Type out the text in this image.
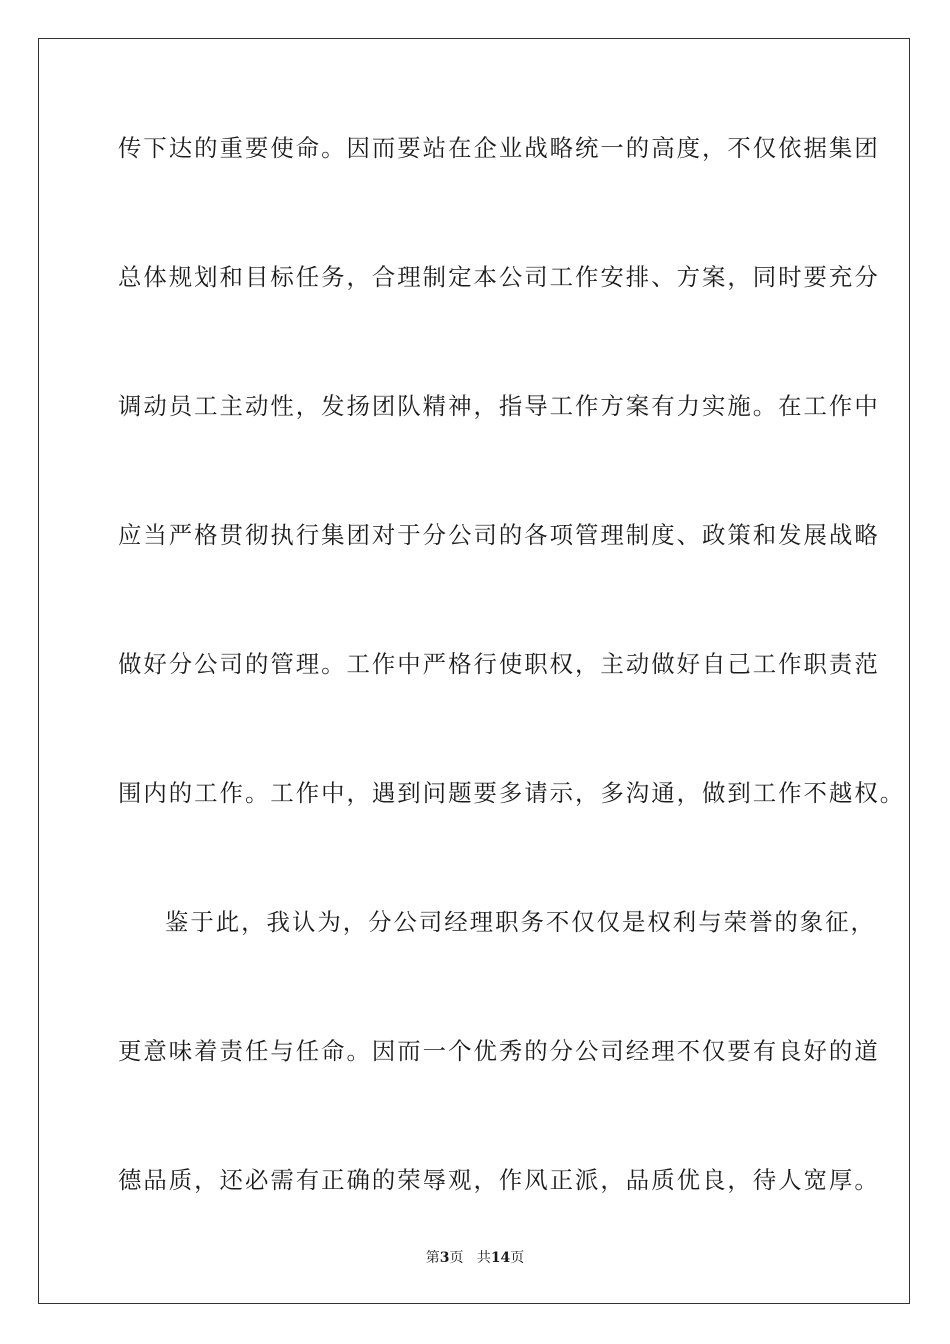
传下达的重要使命。因而要站在企业战略统一的高度，不仅依据集团
总体规划和目标任务，合理制定本公司工作安排、方案，同时要充分
调动员工主动性，发扬团队精神，指导工作方案有力实施。在工作中
应当严格贯彻执行集团对于分公司的各项管理制度、政策和发展战略
做好分公司的管理。工作中严格行使职权，主动做好自己工作职责范
围内的工作。工作中，遇到问题要多请示，多沟通，做到工作不越权。
鉴于此，我认为，分公司经理职务不仅仅是权利与荣誉的象征，
更意味着责任与任命。因而一个优秀的分公司经理不仅要有良好的道
德品质，还必需有正确的荣辱观，作风正派，品质优良，待人宽厚。
第3页 共14页
